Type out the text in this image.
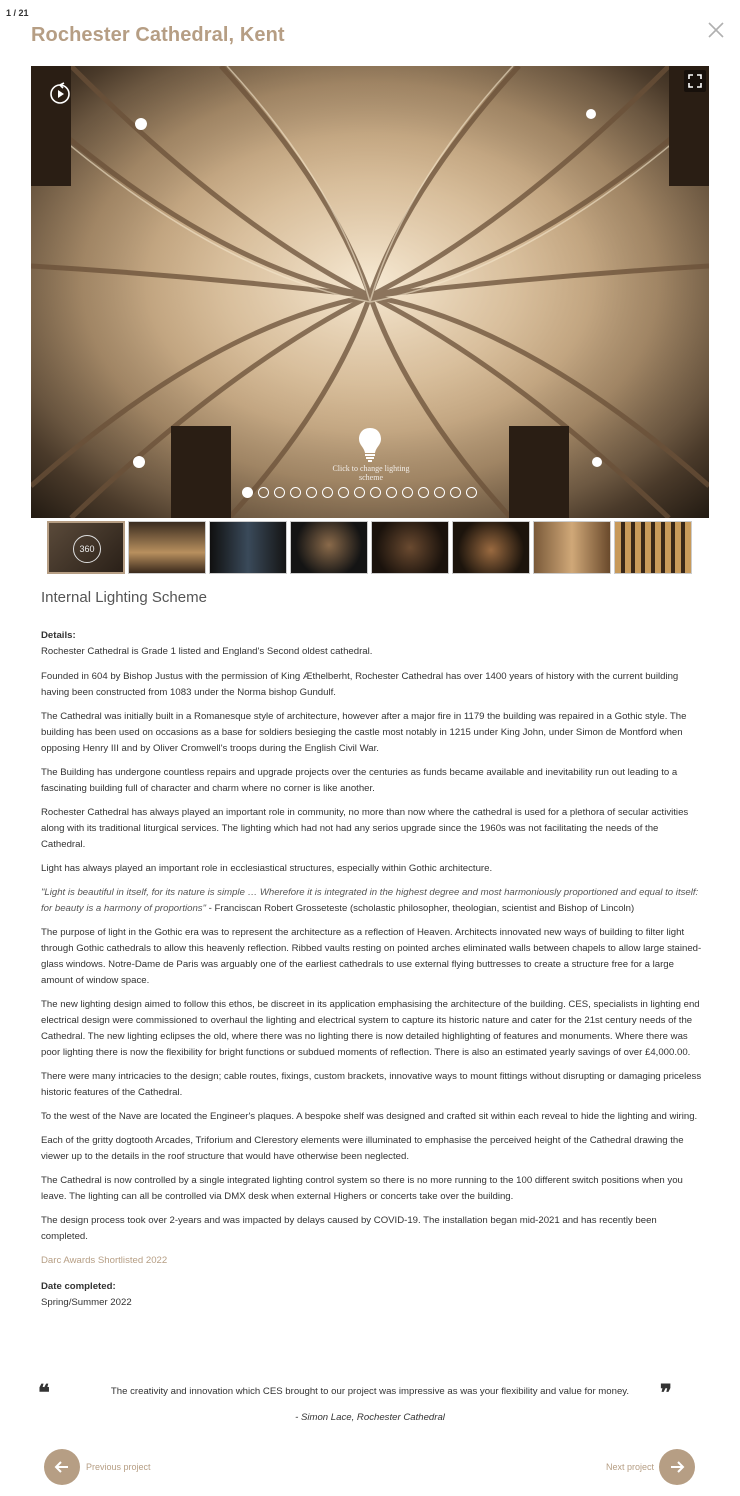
1 / 21
Rochester Cathedral, Kent
Click to change lighting scheme
360
Internal Lighting Scheme

Details:

Rochester Cathedral is Grade 1 listed and England's Second oldest cathedral.

Founded in 604 by Bishop Justus with the permission of King Æthelberht, Rochester Cathedral has over 1400 years of history with the current building having been constructed from 1083 under the Norma bishop Gundulf.

The Cathedral was initially built in a Romanesque style of architecture, however after a major fire in 1179 the building was repaired in a Gothic style. The building has been used on occasions as a base for soldiers besieging the castle most notably in 1215 under King John, under Simon de Montford when opposing Henry III and by Oliver Cromwell's troops during the English Civil War.

The Building has undergone countless repairs and upgrade projects over the centuries as funds became available and inevitability run out leading to a fascinating building full of character and charm where no corner is like another.

Rochester Cathedral has always played an important role in community, no more than now where the cathedral is used for a plethora of secular activities along with its traditional liturgical services. The lighting which had not had any serios upgrade since the 1960s was not facilitating the needs of the Cathedral.

Light has always played an important role in ecclesiastical structures, especially within Gothic architecture.

"Light is beautiful in itself, for its nature is simple … Wherefore it is integrated in the highest degree and most harmoniously proportioned and equal to itself: for beauty is a harmony of proportions" - Franciscan Robert Grosseteste (scholastic philosopher, theologian, scientist and Bishop of Lincoln)

The purpose of light in the Gothic era was to represent the architecture as a reflection of Heaven. Architects innovated new ways of building to filter light through Gothic cathedrals to allow this heavenly reflection. Ribbed vaults resting on pointed arches eliminated walls between chapels to allow large stained-glass windows. Notre-Dame de Paris was arguably one of the earliest cathedrals to use external flying buttresses to create a structure free for a large amount of window space.

The new lighting design aimed to follow this ethos, be discreet in its application emphasising the architecture of the building. CES, specialists in lighting end electrical design were commissioned to overhaul the lighting and electrical system to capture its historic nature and cater for the 21st century needs of the Cathedral. The new lighting eclipses the old, where there was no lighting there is now detailed highlighting of features and monuments. Where there was poor lighting there is now the flexibility for bright functions or subdued moments of reflection. There is also an estimated yearly savings of over £4,000.00.

There were many intricacies to the design; cable routes, fixings, custom brackets, innovative ways to mount fittings without disrupting or damaging priceless historic features of the Cathedral.

To the west of the Nave are located the Engineer's plaques. A bespoke shelf was designed and crafted sit within each reveal to hide the lighting and wiring.

Each of the gritty dogtooth Arcades, Triforium and Clerestory elements were illuminated to emphasise the perceived height of the Cathedral drawing the viewer up to the details in the roof structure that would have otherwise been neglected.

The Cathedral is now controlled by a single integrated lighting control system so there is no more running to the 100 different switch positions when you leave. The lighting can all be controlled via DMX desk when external Highers or concerts take over the building.

The design process took over 2-years and was impacted by delays caused by COVID-19. The installation began mid-2021 and has recently been completed.

Darc Awards Shortlisted 2022

Date completed:

Spring/Summer 2022

❝	❞
The creativity and innovation which CES brought to our project was impressive as was your flexibility and value for money.
- Simon Lace, Rochester Cathedral
Previous project	Next project
